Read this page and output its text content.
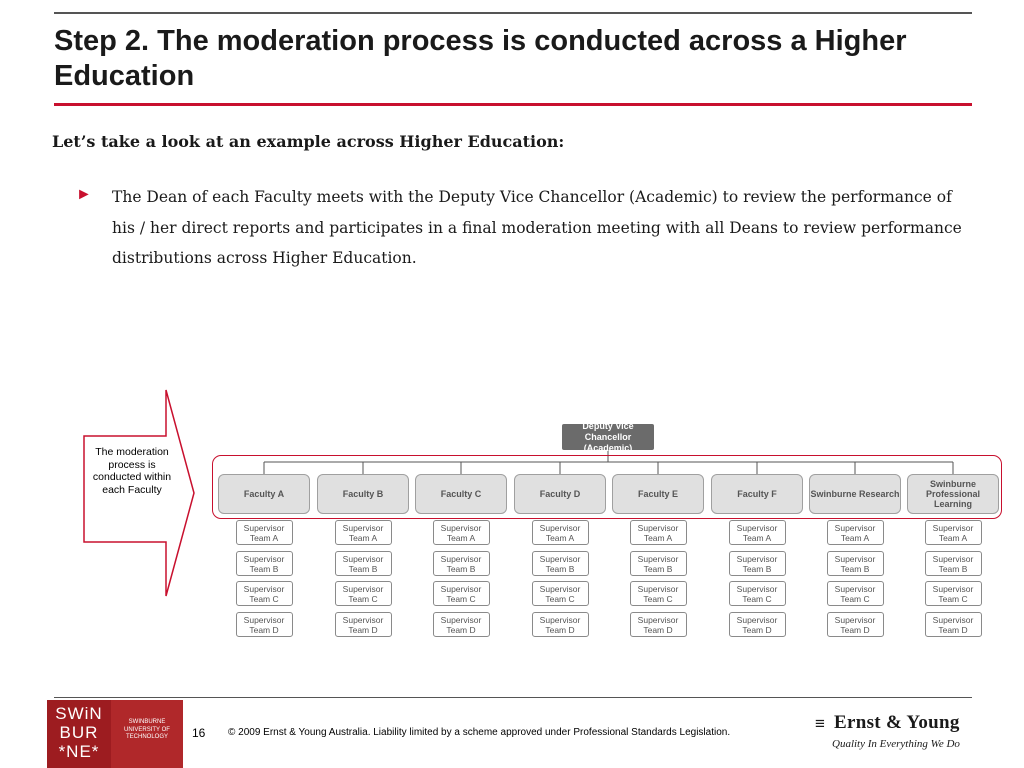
Step 2. The moderation process is conducted across a Higher Education
Let’s take a look at an example across Higher Education:
► The Dean of each Faculty meets with the Deputy Vice Chancellor (Academic) to review the performance of his / her direct reports and participates in a final moderation meeting with all Deans to review performance distributions across Higher Education.
The moderation process is conducted within each Faculty
Deputy Vice Chancellor
(Academic)
Faculty A
Supervisor
Team A
Supervisor
Team B
Supervisor
Team C
Supervisor
Team D
Faculty B
Supervisor
Team A
Supervisor
Team B
Supervisor
Team C
Supervisor
Team D
Faculty C
Supervisor
Team A
Supervisor
Team B
Supervisor
Team C
Supervisor
Team D
Faculty D
Supervisor
Team A
Supervisor
Team B
Supervisor
Team C
Supervisor
Team D
Faculty E
Supervisor
Team A
Supervisor
Team B
Supervisor
Team C
Supervisor
Team D
Faculty F
Supervisor
Team A
Supervisor
Team B
Supervisor
Team C
Supervisor
Team D
Swinburne Research
Supervisor
Team A
Supervisor
Team B
Supervisor
Team C
Supervisor
Team D
Swinburne Professional Learning
Supervisor
Team A
Supervisor
Team B
Supervisor
Team C
Supervisor
Team D
SWiN
BUR
*NE*
SWINBURNE
UNIVERSITY OF
TECHNOLOGY	16 © 2009 Ernst & Young Australia. Liability limited by a scheme approved under Professional Standards Legislation.	≡ Ernst & Young
Quality In Everything We Do
